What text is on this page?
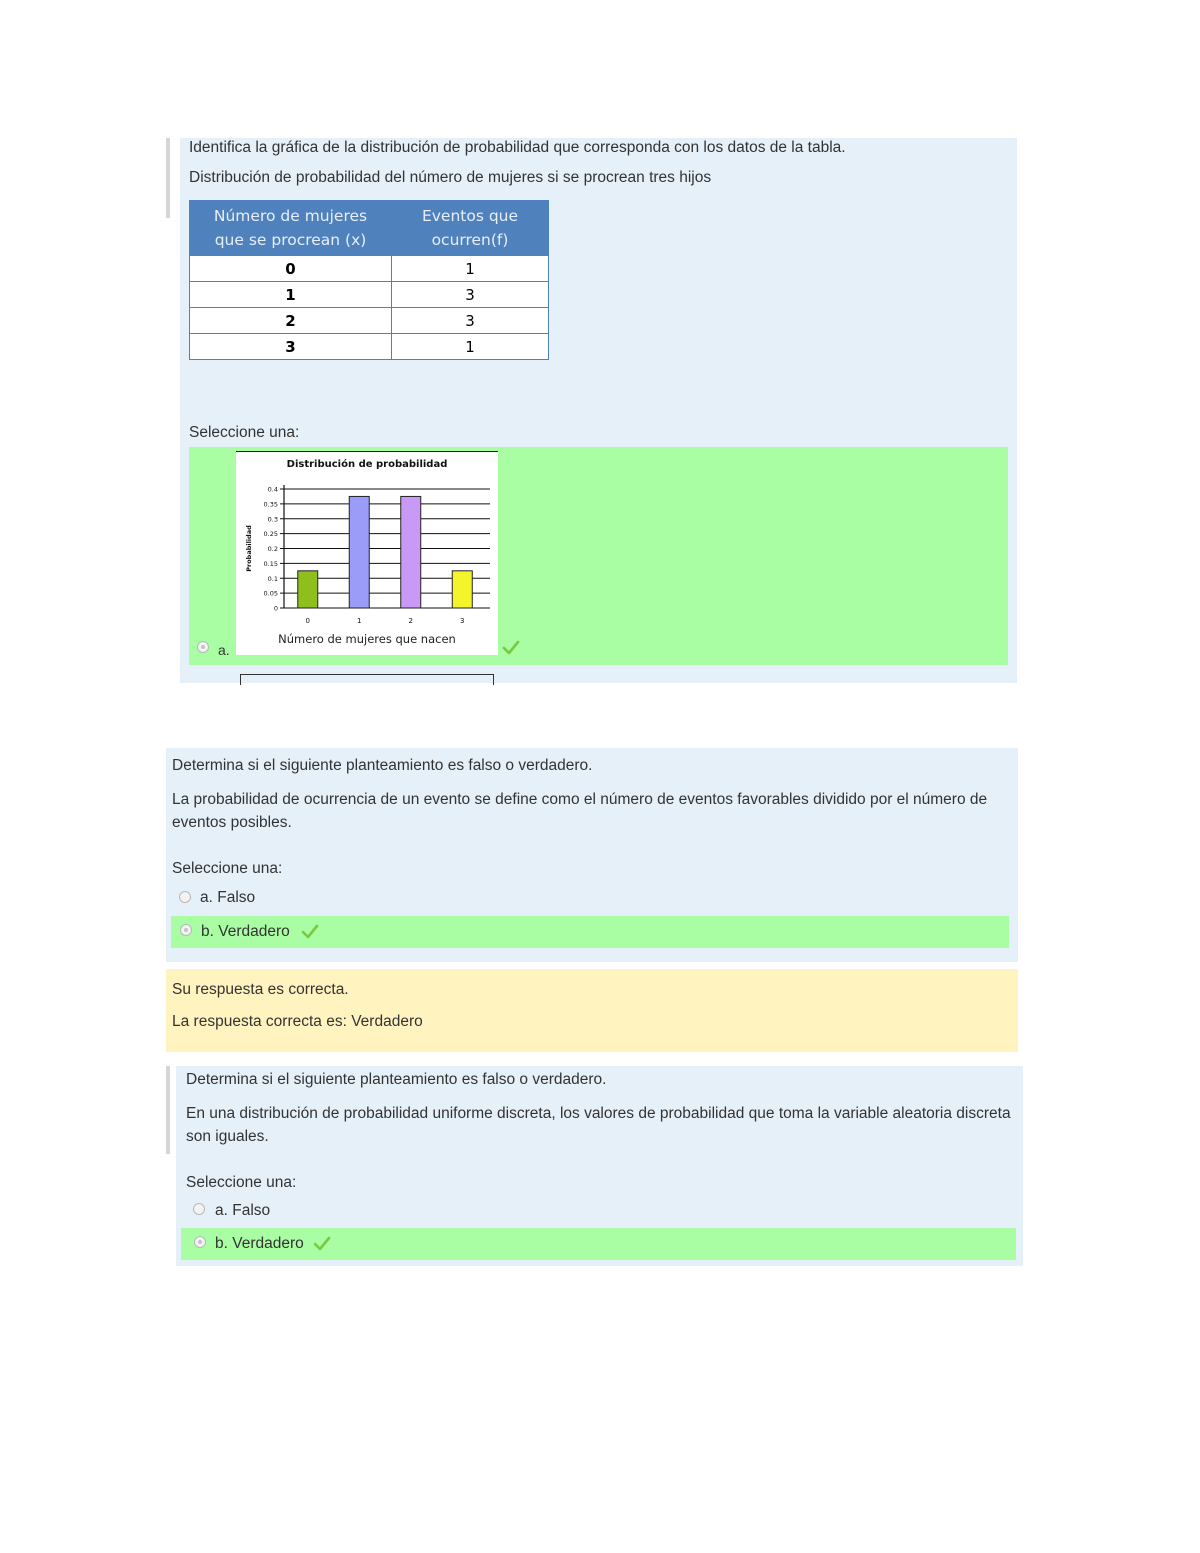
Identifica la gráfica de la distribución de probabilidad que corresponda con los datos de la tabla.
Distribución de probabilidad del número de mujeres si se procrean tres hijos
Número de mujeres que se procrean (x)	Eventos que ocurren(f)
0	1
1	3
2	3
3	1
Seleccione una:
a.
Distribución de probabilidad
0
0.05
0.1
0.15
0.2
0.25
0.3
0.35
0.4
0	1	2	3
Número de mujeres que nacen
Probabilidad
Determina si el siguiente planteamiento es falso o verdadero.
La probabilidad de ocurrencia de un evento se define como el número de eventos favorables dividido por el número de eventos posibles.
Seleccione una:
a. Falso
b. Verdadero
Su respuesta es correcta.
La respuesta correcta es: Verdadero
Determina si el siguiente planteamiento es falso o verdadero.
En una distribución de probabilidad uniforme discreta, los valores de probabilidad que toma la variable aleatoria discreta son iguales.
Seleccione una:
a. Falso
b. Verdadero
